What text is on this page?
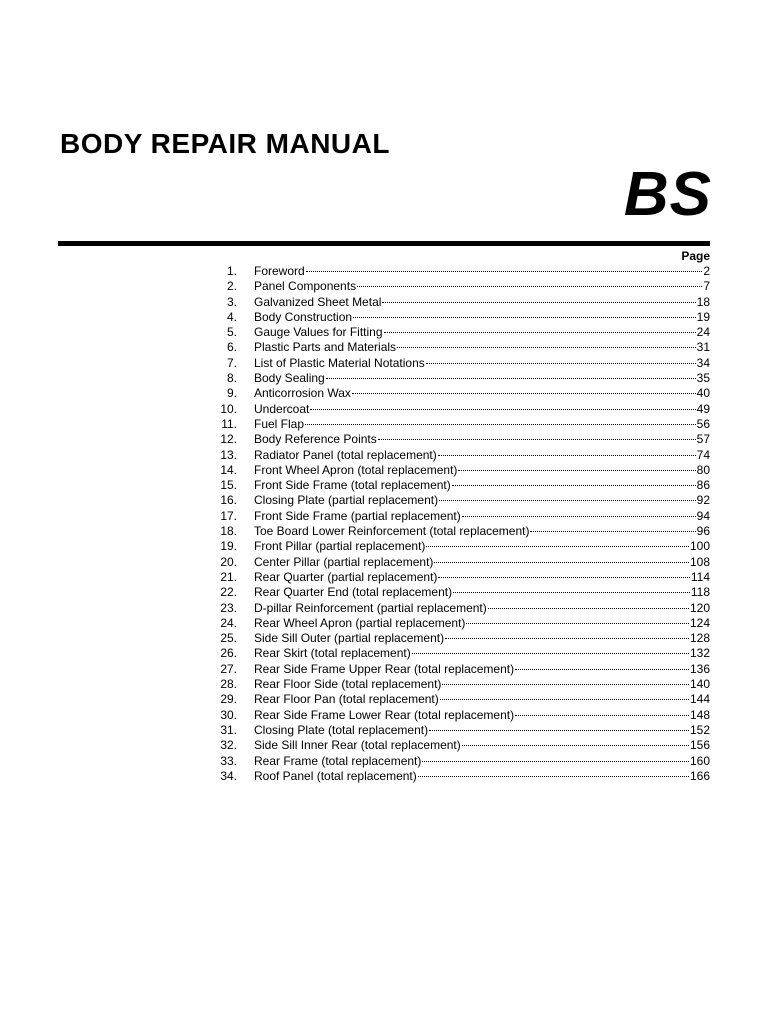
BODY REPAIR MANUAL
BS
Page
1. Foreword	2
2. Panel Components	7
3. Galvanized Sheet Metal	18
4. Body Construction	19
5. Gauge Values for Fitting	24
6. Plastic Parts and Materials	31
7. List of Plastic Material Notations	34
8. Body Sealing	35
9. Anticorrosion Wax	40
10. Undercoat	49
11. Fuel Flap	56
12. Body Reference Points	57
13. Radiator Panel (total replacement)	74
14. Front Wheel Apron (total replacement)	80
15. Front Side Frame (total replacement)	86
16. Closing Plate (partial replacement)	92
17. Front Side Frame (partial replacement)	94
18. Toe Board Lower Reinforcement (total replacement)	96
19. Front Pillar (partial replacement)	100
20. Center Pillar (partial replacement)	108
21. Rear Quarter (partial replacement)	114
22. Rear Quarter End (total replacement)	118
23. D-pillar Reinforcement (partial replacement)	120
24. Rear Wheel Apron (partial replacement)	124
25. Side Sill Outer (partial replacement)	128
26. Rear Skirt (total replacement)	132
27. Rear Side Frame Upper Rear (total replacement)	136
28. Rear Floor Side (total replacement)	140
29. Rear Floor Pan (total replacement)	144
30. Rear Side Frame Lower Rear (total replacement)	148
31. Closing Plate (total replacement)	152
32. Side Sill Inner Rear (total replacement)	156
33. Rear Frame (total replacement)	160
34. Roof Panel (total replacement)	166
